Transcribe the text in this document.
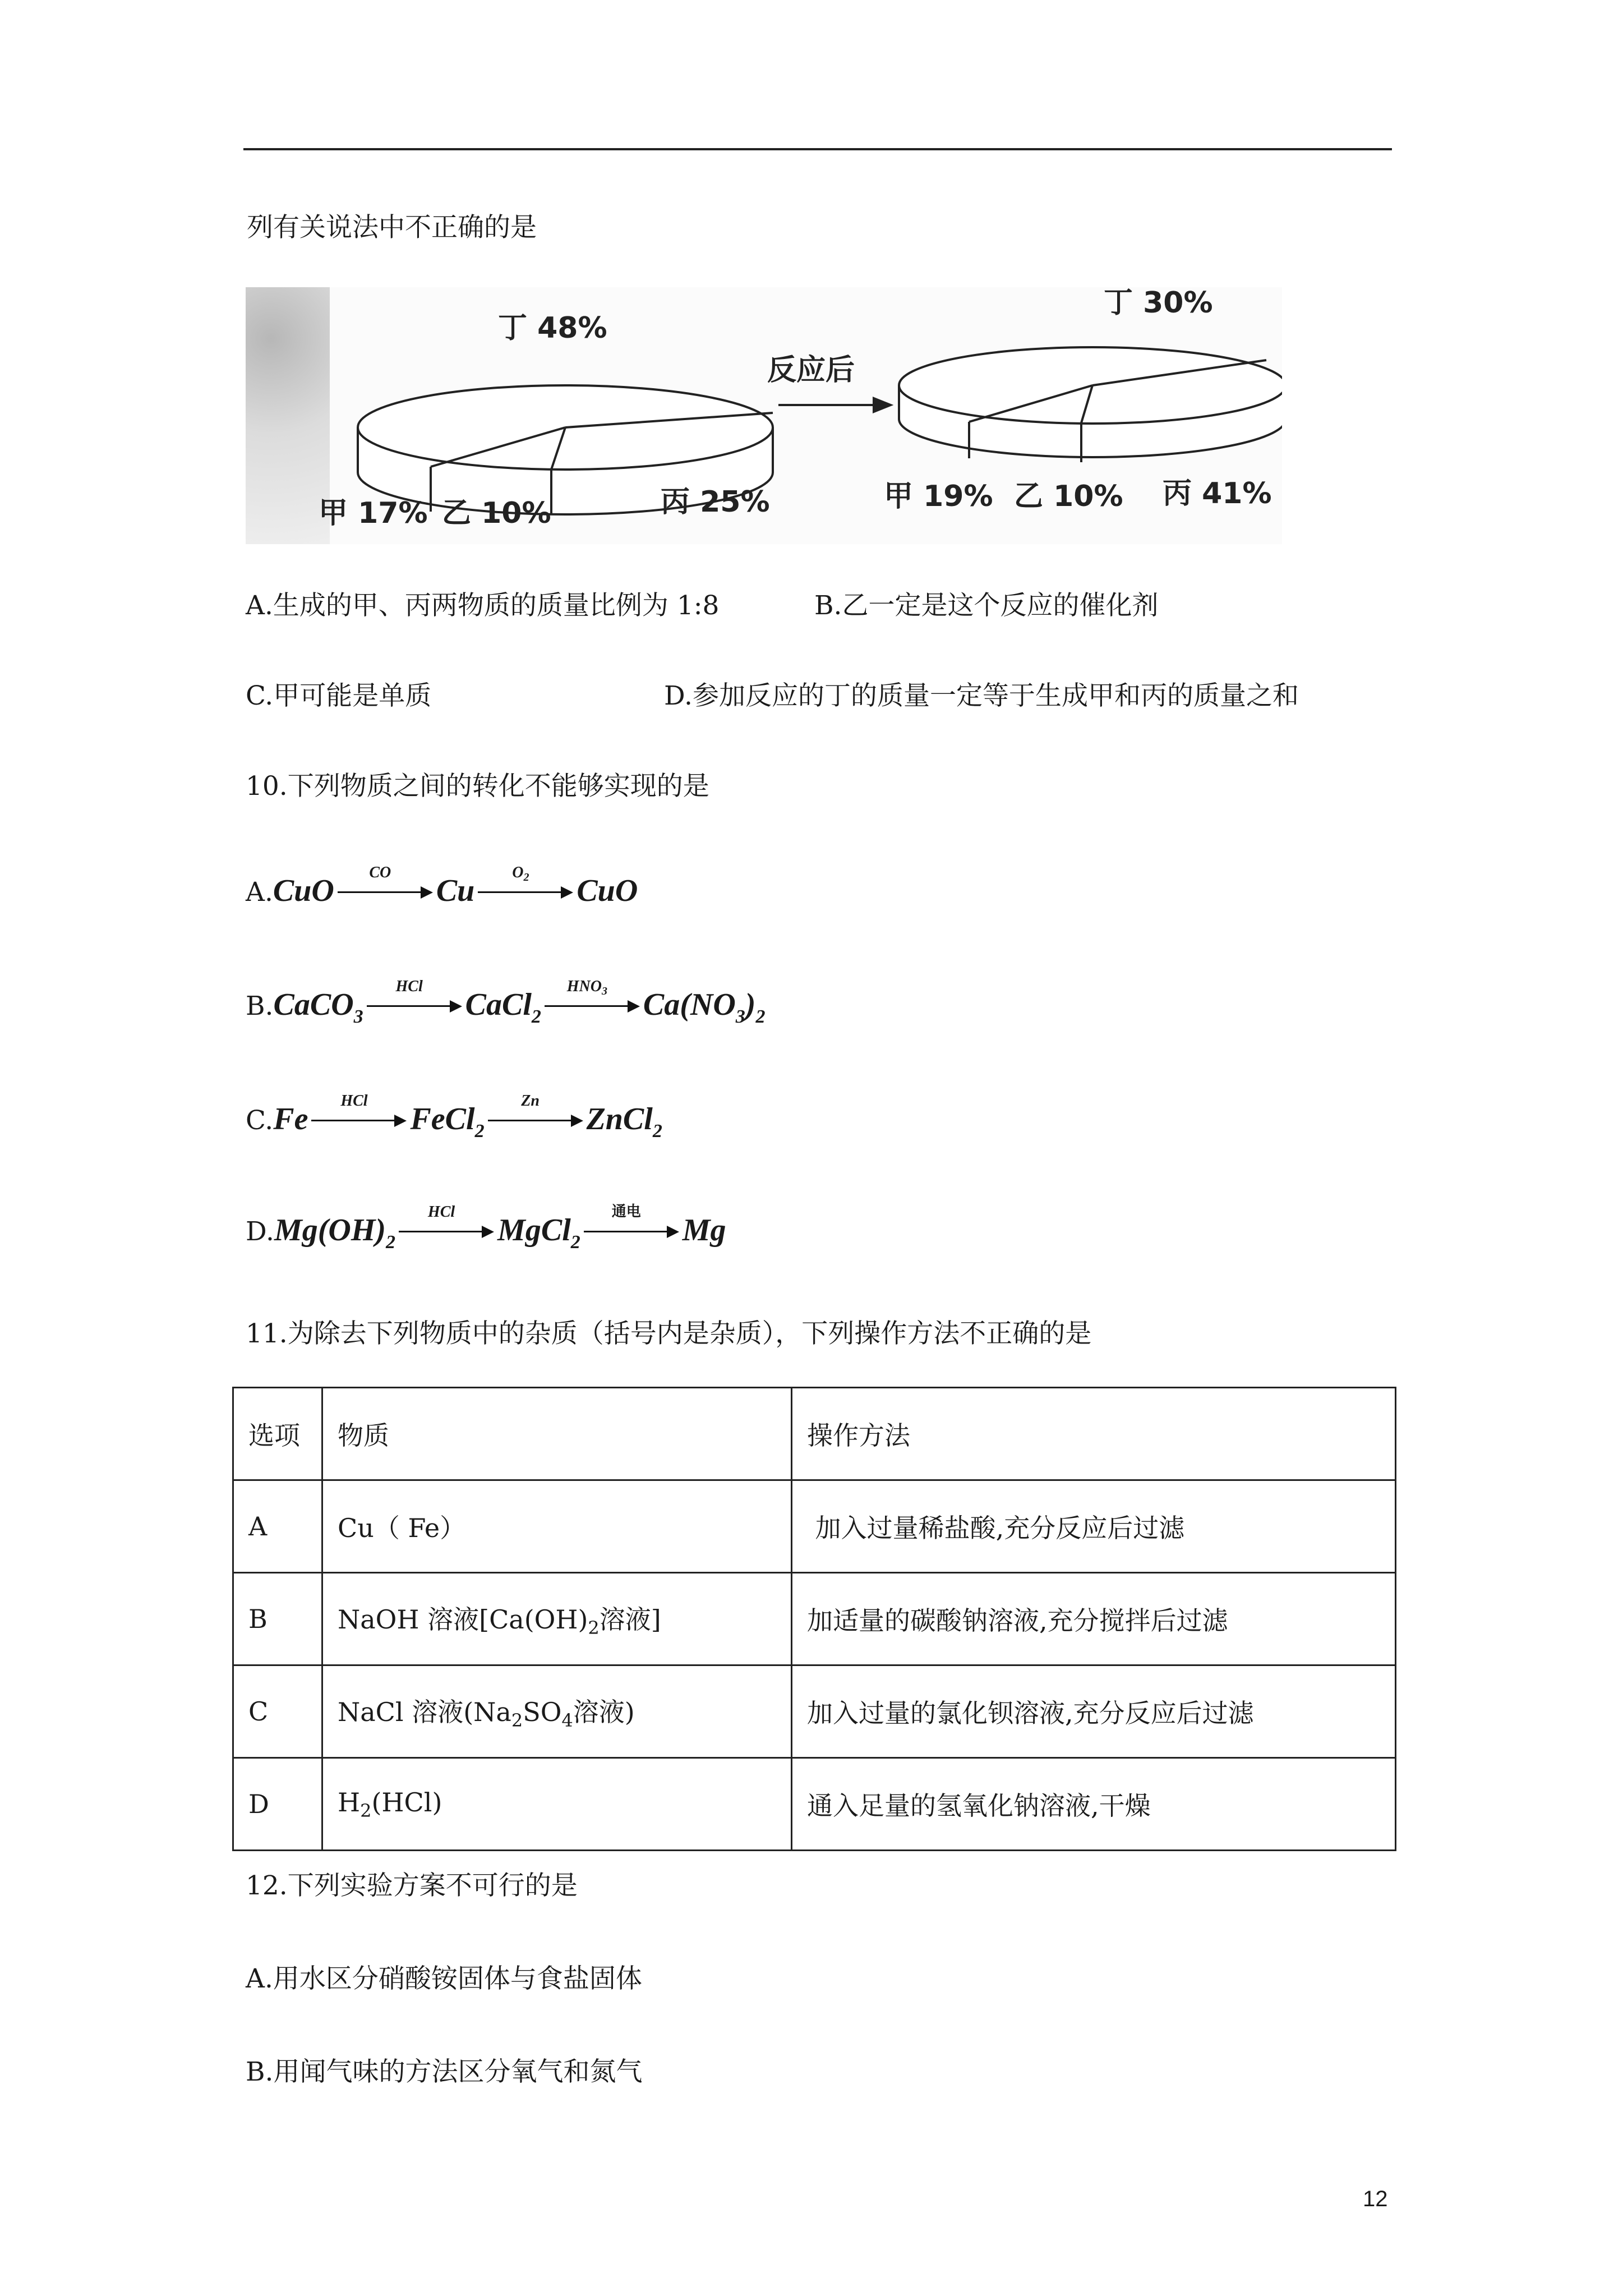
列有关说法中不正确的是
丁 48%
甲 17% 乙 10%	丙 25%
反应后
丁 30%
甲 19% 乙 10% 丙 41%
A.生成的甲、丙两物质的质量比例为 1:8	B.乙一定是这个反应的催化剂
C.甲可能是单质	D.参加反应的丁的质量一定等于生成甲和丙的质量之和
10.下列物质之间的转化不能够实现的是
A.CuO
CO
Cu
$O_2$	CuO
B.CaCO$_3$
HCl
CaCl$_2$
$HNO_3$	$Ca(NO_3)_2$
C.Fe
HCl
FeCl$_2$
Zn
ZnCl$_2$
$D.Mg(OH)_2$
HCl
MgCl$_2$
通电
Mg
11.为除去下列物质中的杂质（括号内是杂质），下列操作方法不正确的是
选项	物质	操作方法
A	Cu（ Fe）	加入过量稀盐酸,充分反应后过滤
B	NaOH 溶液[$Ca(OH)_2$溶液]	加适量的碳酸钠溶液,充分搅拌后过滤
C	NaCl 溶液($Na_2SO_4$溶液)	加入过量的氯化钡溶液,充分反应后过滤
D	$H_2(HCl)$	通入足量的氢氧化钠溶液,干燥
12.下列实验方案不可行的是
A.用水区分硝酸铵固体与食盐固体
B.用闻气味的方法区分氧气和氮气
12
